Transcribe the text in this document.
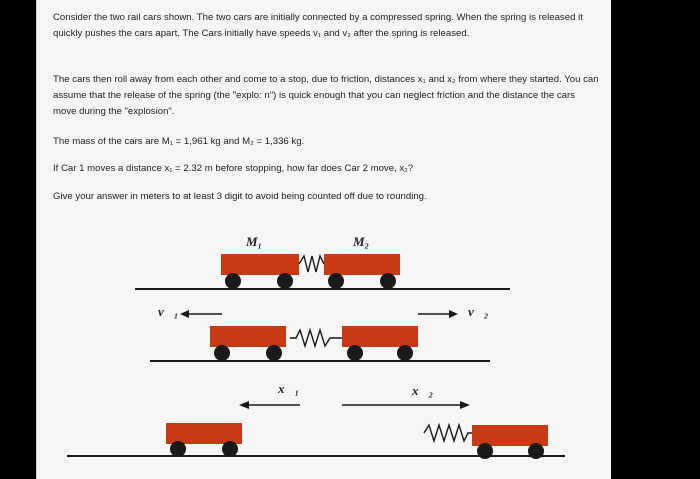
Consider the two rail cars shown. The two cars are initially connected by a compressed spring. When the spring is released it quickly pushes the cars apart. The Cars initially have speeds v₁ and v₂ after the spring is released.

The cars then roll away from each other and come to a stop, due to friction, distances x₁ and x₂ from where they started. You can assume that the release of the spring (the "explo: n") is quick enough that you can neglect friction and the distance the cars move during the "explosion".

The mass of the cars are M₁ = 1,961 kg and M₂ = 1,336 kg.

If Car 1 moves a distance x₁ = 2.32 m before stopping, how far does Car 2 move, x₂?

Give your answer in meters to at least 3 digit to avoid being counted off due to rounding.

M₁	M₂
v⃗₁	v⃗₂
x⃗₁	x⃗₂
